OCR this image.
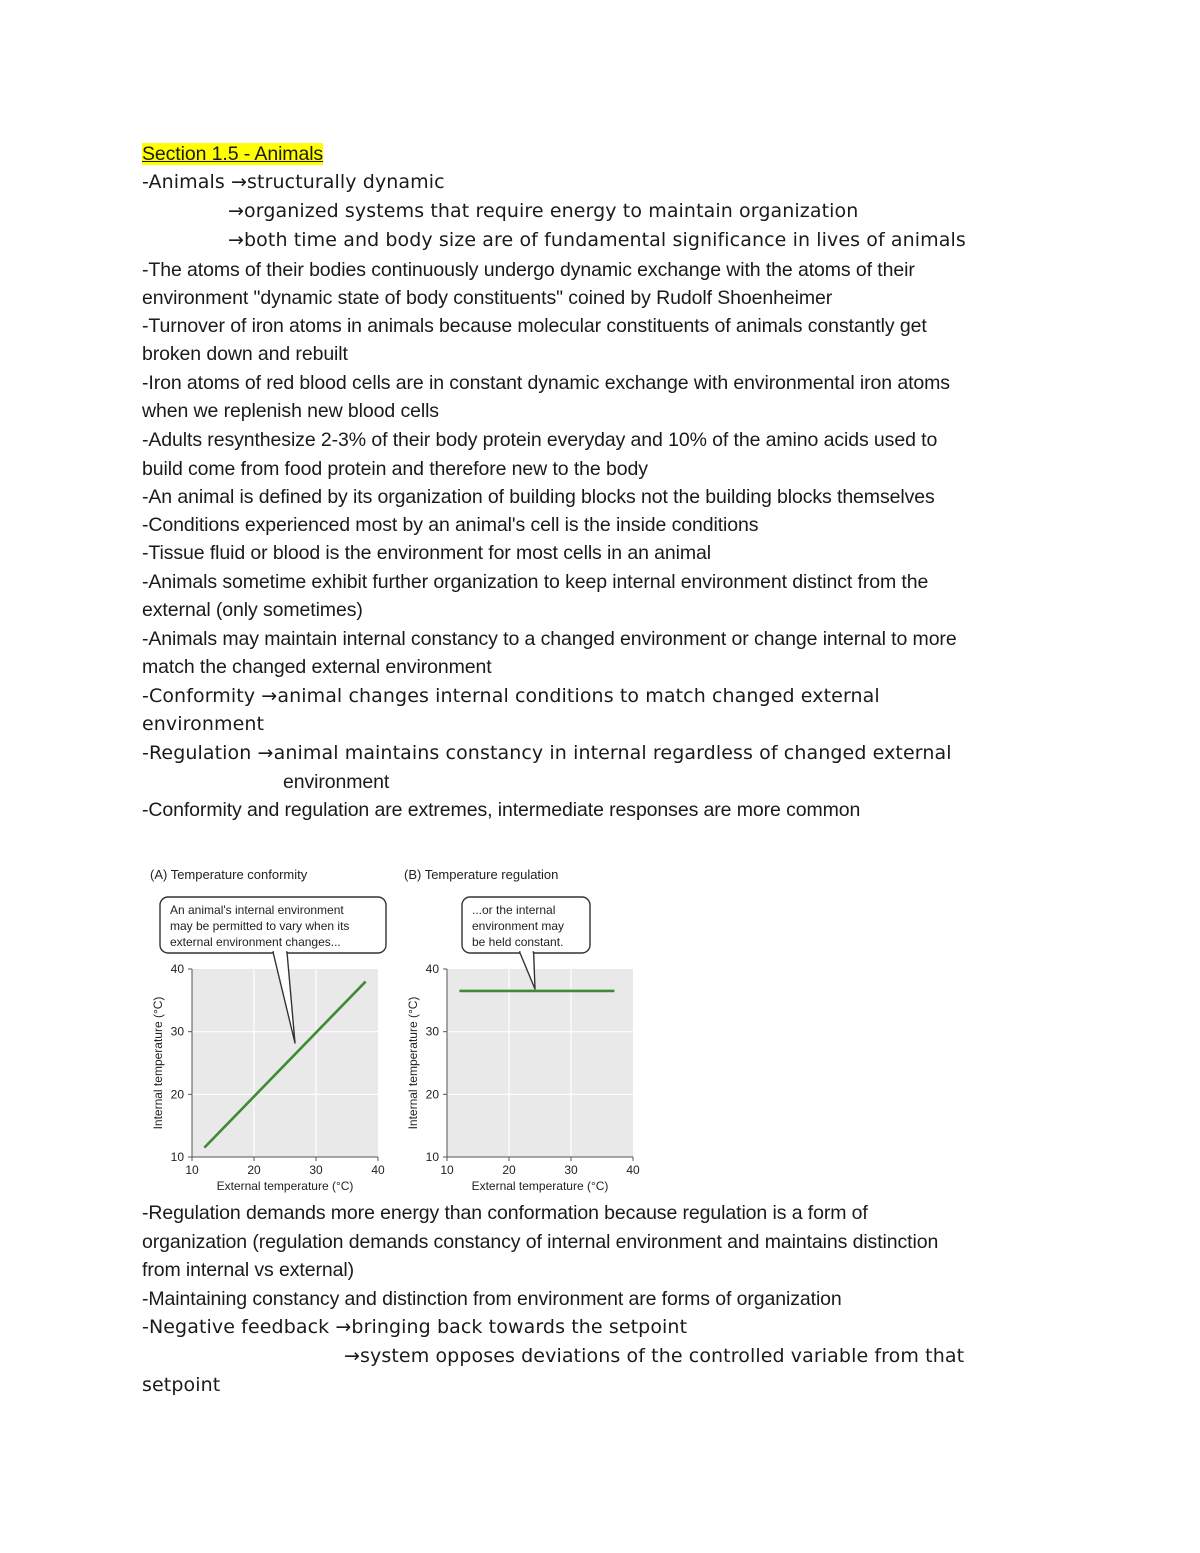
Section 1.5 - Animals
-Animals →structurally dynamic
→organized systems that require energy to maintain organization
→both time and body size are of fundamental significance in lives of animals
-The atoms of their bodies continuously undergo dynamic exchange with the atoms of their
environment "dynamic state of body constituents" coined by Rudolf Shoenheimer
-Turnover of iron atoms in animals because molecular constituents of animals constantly get
broken down and rebuilt
-Iron atoms of red blood cells are in constant dynamic exchange with environmental iron atoms
when we replenish new blood cells
-Adults resynthesize 2-3% of their body protein everyday and 10% of the amino acids used to
build come from food protein and therefore new to the body
-An animal is defined by its organization of building blocks not the building blocks themselves
-Conditions experienced most by an animal's cell is the inside conditions
-Tissue fluid or blood is the environment for most cells in an animal
-Animals sometime exhibit further organization to keep internal environment distinct from the
external (only sometimes)
-Animals may maintain internal constancy to a changed environment or change internal to more
match the changed external environment
-Conformity →animal changes internal conditions to match changed external
environment
-Regulation →animal maintains constancy in internal regardless of changed external
environment
-Conformity and regulation are extremes, intermediate responses are more common
(A) Temperature conformity
10	20	30	40
10
20
30
40
External temperature (°C)
Internal temperature (°C)
An animal's internal environment
may be permitted to vary when its
external environment changes...
(B) Temperature regulation
10	20	30	40
10
20
30
40
External temperature (°C)
Internal temperature (°C)
...or the internal
environment may
be held constant.
-Regulation demands more energy than conformation because regulation is a form of
organization (regulation demands constancy of internal environment and maintains distinction
from internal vs external)
-Maintaining constancy and distinction from environment are forms of organization
-Negative feedback →bringing back towards the setpoint
→system opposes deviations of the controlled variable from that
setpoint
